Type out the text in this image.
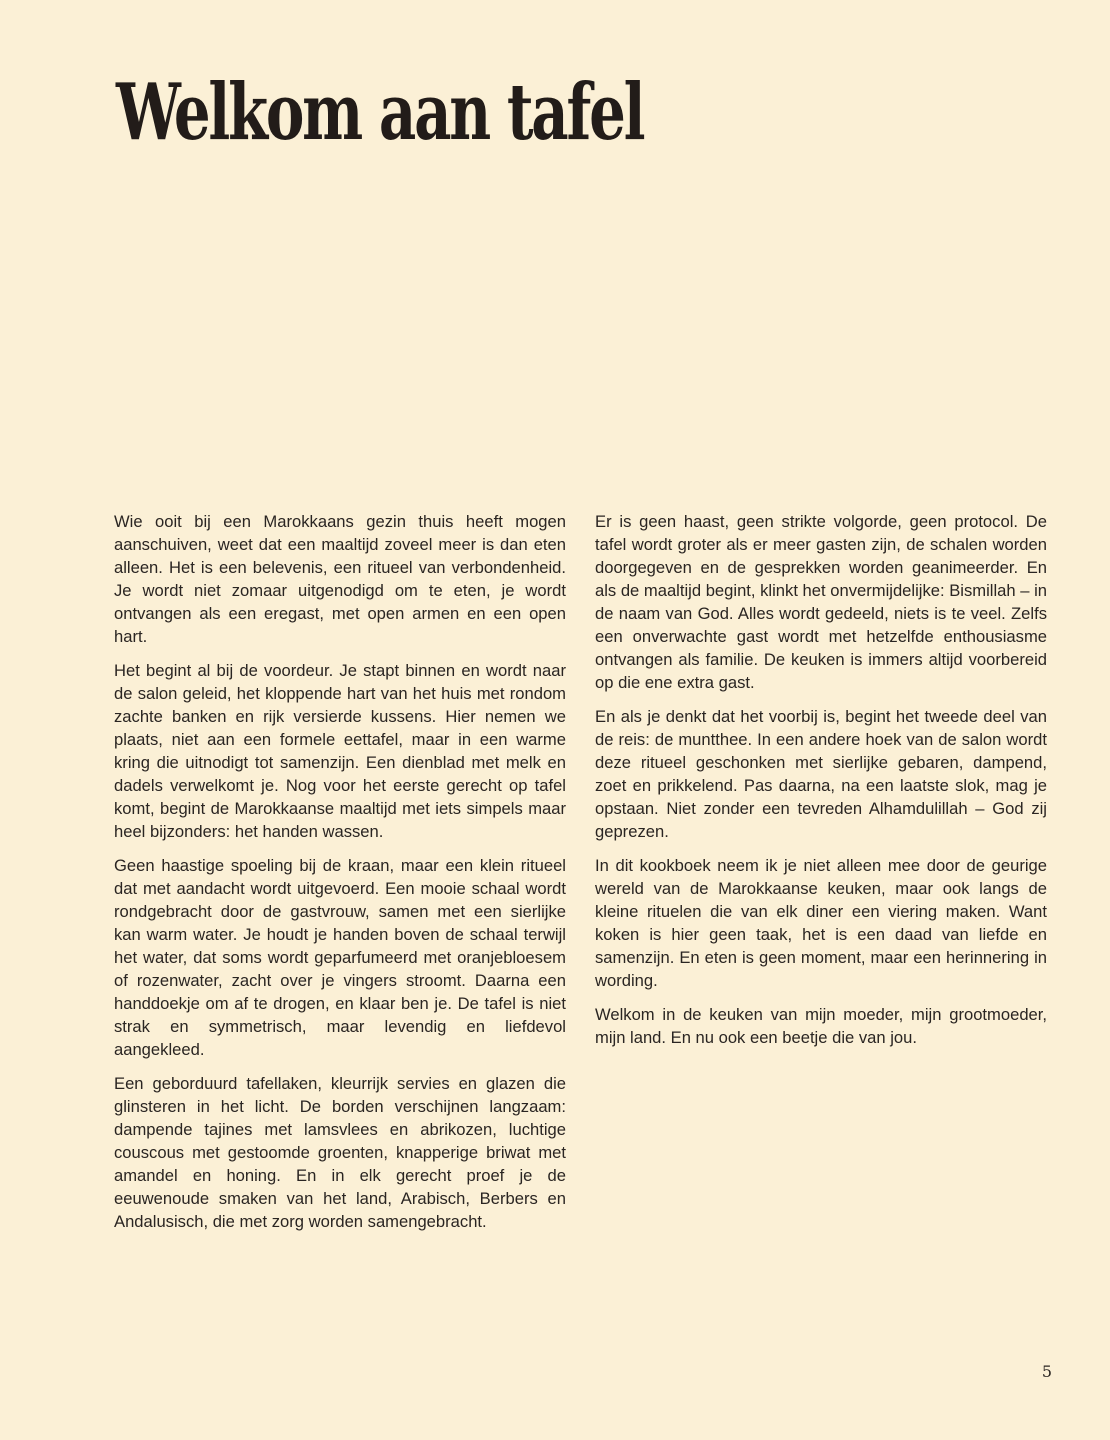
Welkom aan tafel

Wie ooit bij een Marokkaans gezin thuis heeft mogen aanschuiven, weet dat een maaltijd zoveel meer is dan eten alleen. Het is een belevenis, een ritueel van verbondenheid. Je wordt niet zomaar uitgenodigd om te eten, je wordt ontvangen als een eregast, met open armen en een open hart.

Het begint al bij de voordeur. Je stapt binnen en wordt naar de salon geleid, het kloppende hart van het huis met rondom zachte banken en rijk versierde kussens. Hier nemen we plaats, niet aan een formele eettafel, maar in een warme kring die uitnodigt tot samenzijn. Een dienblad met melk en dadels verwelkomt je. Nog voor het eerste gerecht op tafel komt, begint de Marokkaanse maaltijd met iets simpels maar heel bijzonders: het handen wassen.

Geen haastige spoeling bij de kraan, maar een klein ritueel dat met aandacht wordt uitgevoerd. Een mooie schaal wordt rondgebracht door de gastvrouw, samen met een sierlijke kan warm water. Je houdt je handen boven de schaal terwijl het water, dat soms wordt geparfumeerd met oranjebloesem of rozenwater, zacht over je vingers stroomt. Daarna een handdoekje om af te drogen, en klaar ben je. De tafel is niet strak en symmetrisch, maar levendig en liefdevol aangekleed.

Een geborduurd tafellaken, kleurrijk servies en glazen die glinsteren in het licht. De borden verschijnen langzaam: dampende tajines met lamsvlees en abrikozen, luchtige couscous met gestoomde groenten, knapperige briwat met amandel en honing. En in elk gerecht proef je de eeuwenoude smaken van het land, Arabisch, Berbers en Andalusisch, die met zorg worden samengebracht.

Er is geen haast, geen strikte volgorde, geen protocol. De tafel wordt groter als er meer gasten zijn, de schalen worden doorgegeven en de gesprekken worden geanimeerder. En als de maaltijd begint, klinkt het onvermijdelijke: Bismillah – in de naam van God. Alles wordt gedeeld, niets is te veel. Zelfs een onverwachte gast wordt met hetzelfde enthousiasme ontvangen als familie. De keuken is immers altijd voorbereid op die ene extra gast.

En als je denkt dat het voorbij is, begint het tweede deel van de reis: de muntthee. In een andere hoek van de salon wordt deze ritueel geschonken met sierlijke gebaren, dampend, zoet en prikkelend. Pas daarna, na een laatste slok, mag je opstaan. Niet zonder een tevreden Alhamdulillah – God zij geprezen.

In dit kookboek neem ik je niet alleen mee door de geurige wereld van de Marokkaanse keuken, maar ook langs de kleine rituelen die van elk diner een viering maken. Want koken is hier geen taak, het is een daad van liefde en samenzijn. En eten is geen moment, maar een herinnering in wording.

Welkom in de keuken van mijn moeder, mijn grootmoeder, mijn land. En nu ook een beetje die van jou.

5
